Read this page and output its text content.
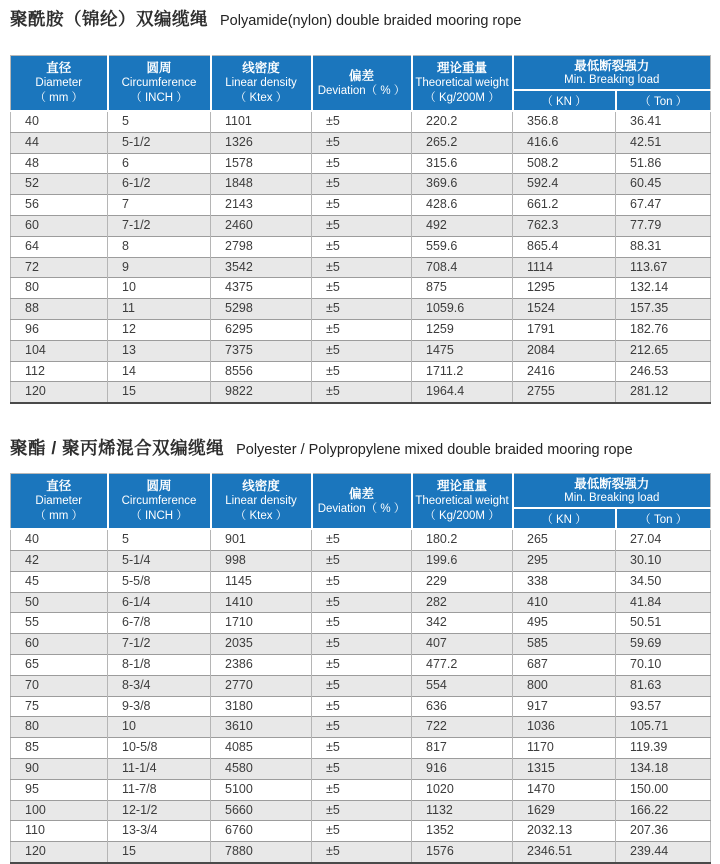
聚酰胺（锦纶）双编缆绳 Polyamide(nylon) double braided mooring rope
直径
Diameter
（ mm ）

圆周
Circumference
（ INCH ）

线密度
Linear density
（ Ktex ）

偏差
Deviation（ % ）

理论重量
Theoretical weight
（ Kg/200M ）

最低断裂强力
Min. Breaking load

					（ KN ）	（ Ton ）
40	5	1101	±5	220.2	356.8	36.41
44	5-1/2	1326	±5	265.2	416.6	42.51
48	6	1578	±5	315.6	508.2	51.86
52	6-1/2	1848	±5	369.6	592.4	60.45
56	7	2143	±5	428.6	661.2	67.47
60	7-1/2	2460	±5	492	762.3	77.79
64	8	2798	±5	559.6	865.4	88.31
72	9	3542	±5	708.4	1114	113.67
80	10	4375	±5	875	1295	132.14
88	11	5298	±5	1059.6	1524	157.35
96	12	6295	±5	1259	1791	182.76
104	13	7375	±5	1475	2084	212.65
112	14	8556	±5	1711.2	2416	246.53
120	15	9822	±5	1964.4	2755	281.12
聚酯 / 聚丙烯混合双编缆绳 Polyester / Polypropylene mixed double braided mooring rope
直径
Diameter
（ mm ）

圆周
Circumference
（ INCH ）

线密度
Linear density
（ Ktex ）

偏差
Deviation（ % ）

理论重量
Theoretical weight
（ Kg/200M ）

最低断裂强力
Min. Breaking load

					（ KN ）	（ Ton ）
40	5	901	±5	180.2	265	27.04
42	5-1/4	998	±5	199.6	295	30.10
45	5-5/8	1145	±5	229	338	34.50
50	6-1/4	1410	±5	282	410	41.84
55	6-7/8	1710	±5	342	495	50.51
60	7-1/2	2035	±5	407	585	59.69
65	8-1/8	2386	±5	477.2	687	70.10
70	8-3/4	2770	±5	554	800	81.63
75	9-3/8	3180	±5	636	917	93.57
80	10	3610	±5	722	1036	105.71
85	10-5/8	4085	±5	817	1170	119.39
90	11-1/4	4580	±5	916	1315	134.18
95	11-7/8	5100	±5	1020	1470	150.00
100	12-1/2	5660	±5	1132	1629	166.22
110	13-3/4	6760	±5	1352	2032.13	207.36
120	15	7880	±5	1576	2346.51	239.44
